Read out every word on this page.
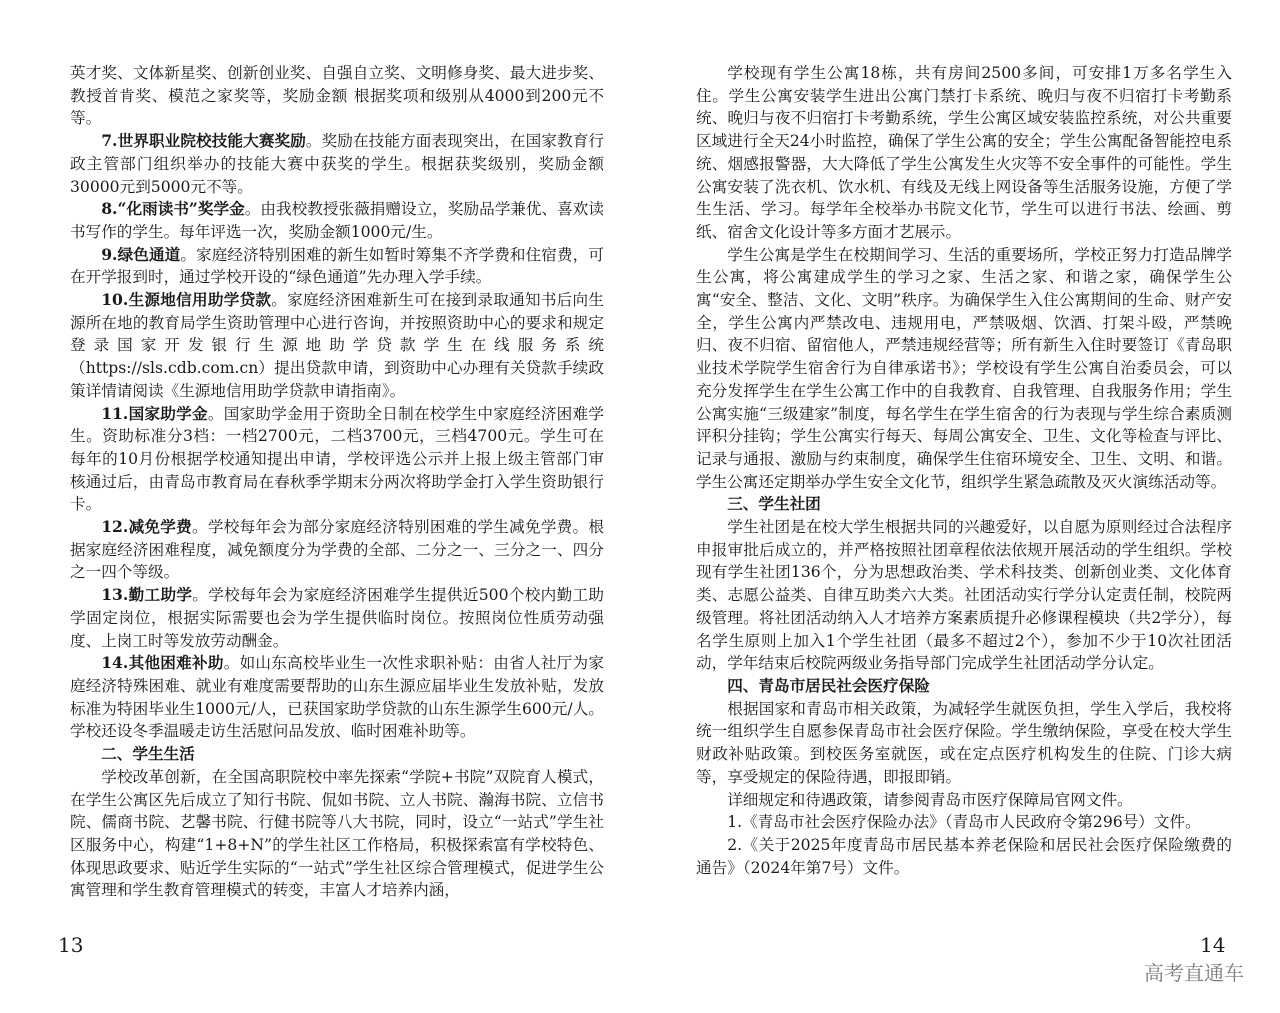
英才奖、文体新星奖、创新创业奖、自强自立奖、文明修身奖、最大进步奖、教授首肯奖、模范之家奖等，奖励金额 根据奖项和级别从4000到200元不等。

7.世界职业院校技能大赛奖励。奖励在技能方面表现突出，在国家教育行政主管部门组织举办的技能大赛中获奖的学生。根据获奖级别，奖励金额30000元到5000元不等。

8.“化雨读书”奖学金。由我校教授张薇捐赠设立，奖励品学兼优、喜欢读书写作的学生。每年评选一次，奖励金额1000元/生。

9.绿色通道。家庭经济特别困难的新生如暂时筹集不齐学费和住宿费，可在开学报到时，通过学校开设的“绿色通道”先办理入学手续。

10.生源地信用助学贷款。家庭经济困难新生可在接到录取通知书后向生源所在地的教育局学生资助管理中心进行咨询，并按照资助中心的要求和规定登录国家开发银行生源地助学贷款学生在线服务系统（https://sls.cdb.com.cn）提出贷款申请，到资助中心办理有关贷款手续政策详情请阅读《生源地信用助学贷款申请指南》。

11.国家助学金。国家助学金用于资助全日制在校学生中家庭经济困难学生。资助标准分3档：一档2700元，二档3700元，三档4700元。学生可在每年的10月份根据学校通知提出申请，学校评选公示并上报上级主管部门审核通过后，由青岛市教育局在春秋季学期末分两次将助学金打入学生资助银行卡。

12.减免学费。学校每年会为部分家庭经济特别困难的学生减免学费。根据家庭经济困难程度，减免额度分为学费的全部、二分之一、三分之一、四分之一四个等级。

13.勤工助学。学校每年会为家庭经济困难学生提供近500个校内勤工助学固定岗位，根据实际需要也会为学生提供临时岗位。按照岗位性质劳动强度、上岗工时等发放劳动酬金。

14.其他困难补助。如山东高校毕业生一次性求职补贴：由省人社厅为家庭经济特殊困难、就业有难度需要帮助的山东生源应届毕业生发放补贴，发放标准为特困毕业生1000元/人，已获国家助学贷款的山东生源学生600元/人。学校还设冬季温暖走访生活慰问品发放、临时困难补助等。

二、学生生活

学校改革创新，在全国高职院校中率先探索“学院+书院”双院育人模式，在学生公寓区先后成立了知行书院、侃如书院、立人书院、瀚海书院、立信书院、儒商书院、艺馨书院、行健书院等八大书院，同时，设立“一站式”学生社区服务中心，构建“1+8+N”的学生社区工作格局，积极探索富有学校特色、体现思政要求、贴近学生实际的“一站式”学生社区综合管理模式，促进学生公寓管理和学生教育管理模式的转变，丰富人才培养内涵，

13

学校现有学生公寓18栋，共有房间2500多间，可安排1万多名学生入住。学生公寓安装学生进出公寓门禁打卡系统、晚归与夜不归宿打卡考勤系统、晚归与夜不归宿打卡考勤系统，学生公寓区域安装监控系统，对公共重要区域进行全天24小时监控，确保了学生公寓的安全；学生公寓配备智能控电系统、烟感报警器，大大降低了学生公寓发生火灾等不安全事件的可能性。学生公寓安装了洗衣机、饮水机、有线及无线上网设备等生活服务设施，方便了学生生活、学习。每学年全校举办书院文化节，学生可以进行书法、绘画、剪纸、宿舍文化设计等多方面才艺展示。

学生公寓是学生在校期间学习、生活的重要场所，学校正努力打造品牌学生公寓，将公寓建成学生的学习之家、生活之家、和谐之家，确保学生公寓“安全、整洁、文化、文明”秩序。为确保学生入住公寓期间的生命、财产安全，学生公寓内严禁改电、违规用电，严禁吸烟、饮酒、打架斗殴，严禁晚归、夜不归宿、留宿他人，严禁违规经营等；所有新生入住时要签订《青岛职业技术学院学生宿舍行为自律承诺书》；学校设有学生公寓自治委员会，可以充分发挥学生在学生公寓工作中的自我教育、自我管理、自我服务作用；学生公寓实施“三级建家”制度，每名学生在学生宿舍的行为表现与学生综合素质测评积分挂钩；学生公寓实行每天、每周公寓安全、卫生、文化等检查与评比、记录与通报、激励与约束制度，确保学生住宿环境安全、卫生、文明、和谐。学生公寓还定期举办学生安全文化节，组织学生紧急疏散及灭火演练活动等。

三、学生社团

学生社团是在校大学生根据共同的兴趣爱好，以自愿为原则经过合法程序申报审批后成立的，并严格按照社团章程依法依规开展活动的学生组织。学校现有学生社团136个，分为思想政治类、学术科技类、创新创业类、文化体育类、志愿公益类、自律互助类六大类。社团活动实行学分认定责任制，校院两级管理。将社团活动纳入人才培养方案素质提升必修课程模块（共2学分），每名学生原则上加入1个学生社团（最多不超过2个），参加不少于10次社团活动，学年结束后校院两级业务指导部门完成学生社团活动学分认定。

四、青岛市居民社会医疗保险

根据国家和青岛市相关政策，为减轻学生就医负担，学生入学后，我校将统一组织学生自愿参保青岛市社会医疗保险。学生缴纳保险，享受在校大学生财政补贴政策。到校医务室就医，或在定点医疗机构发生的住院、门诊大病等，享受规定的保险待遇，即报即销。

详细规定和待遇政策，请参阅青岛市医疗保障局官网文件。

1.《青岛市社会医疗保险办法》（青岛市人民政府令第296号）文件。

2.《关于2025年度青岛市居民基本养老保险和居民社会医疗保险缴费的通告》（2024年第7号）文件。

14
高考直通车
